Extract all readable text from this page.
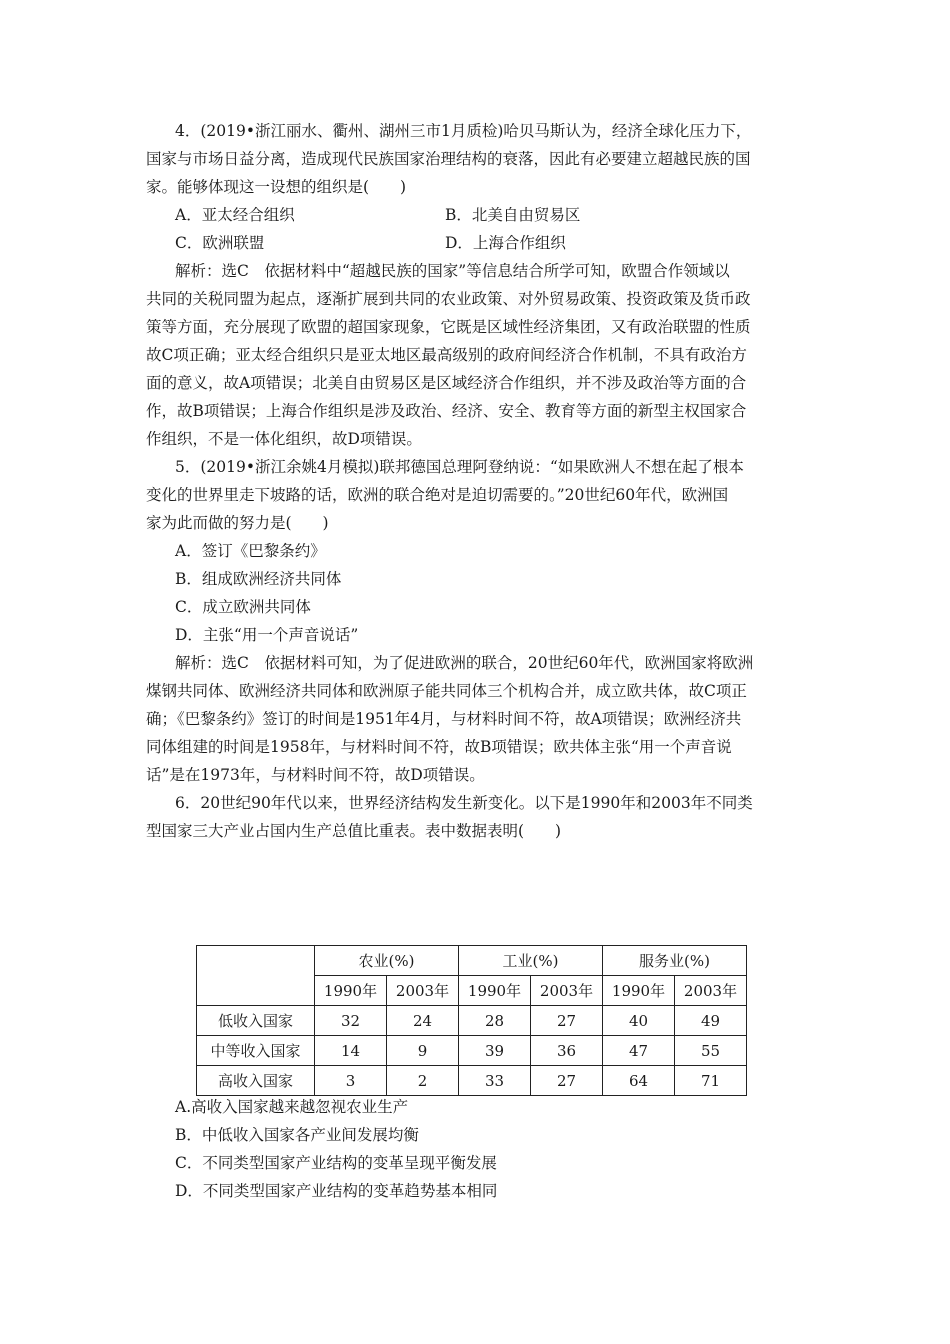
4．(2019•浙江丽水、衢州、湖州三市1月质检)哈贝马斯认为，经济全球化压力下，
国家与市场日益分离，造成现代民族国家治理结构的衰落，因此有必要建立超越民族的国
家。能够体现这一设想的组织是(　　)
A．亚太经合组织	B．北美自由贸易区
C．欧洲联盟	D．上海合作组织
解析：选C　依据材料中“超越民族的国家”等信息结合所学可知，欧盟合作领域以
共同的关税同盟为起点，逐渐扩展到共同的农业政策、对外贸易政策、投资政策及货币政
策等方面，充分展现了欧盟的超国家现象，它既是区域性经济集团，又有政治联盟的性质
故C项正确；亚太经合组织只是亚太地区最高级别的政府间经济合作机制，不具有政治方
面的意义，故A项错误；北美自由贸易区是区域经济合作组织，并不涉及政治等方面的合
作，故B项错误；上海合作组织是涉及政治、经济、安全、教育等方面的新型主权国家合
作组织，不是一体化组织，故D项错误。
5．(2019•浙江余姚4月模拟)联邦德国总理阿登纳说：“如果欧洲人不想在起了根本
变化的世界里走下坡路的话，欧洲的联合绝对是迫切需要的。”20世纪60年代，欧洲国
家为此而做的努力是(　　)
A．签订《巴黎条约》
B．组成欧洲经济共同体
C．成立欧洲共同体
D．主张“用一个声音说话”
解析：选C　依据材料可知，为了促进欧洲的联合，20世纪60年代，欧洲国家将欧洲
煤钢共同体、欧洲经济共同体和欧洲原子能共同体三个机构合并，成立欧共体，故C项正
确；《巴黎条约》签订的时间是1951年4月，与材料时间不符，故A项错误；欧洲经济共
同体组建的时间是1958年，与材料时间不符，故B项错误；欧共体主张“用一个声音说
话”是在1973年，与材料时间不符，故D项错误。
6．20世纪90年代以来，世界经济结构发生新变化。以下是1990年和2003年不同类
型国家三大产业占国内生产总值比重表。表中数据表明(　　)
	农业(%)		工业(%)		服务业(%)	
	1990年	2003年	1990年	2003年	1990年	2003年
低收入国家	32	24	28	27	40	49
中等收入国家	14	9	39	36	47	55
高收入国家	3	2	33	27	64	71
A.高收入国家越来越忽视农业生产
B．中低收入国家各产业间发展均衡
C．不同类型国家产业结构的变革呈现平衡发展
D．不同类型国家产业结构的变革趋势基本相同
